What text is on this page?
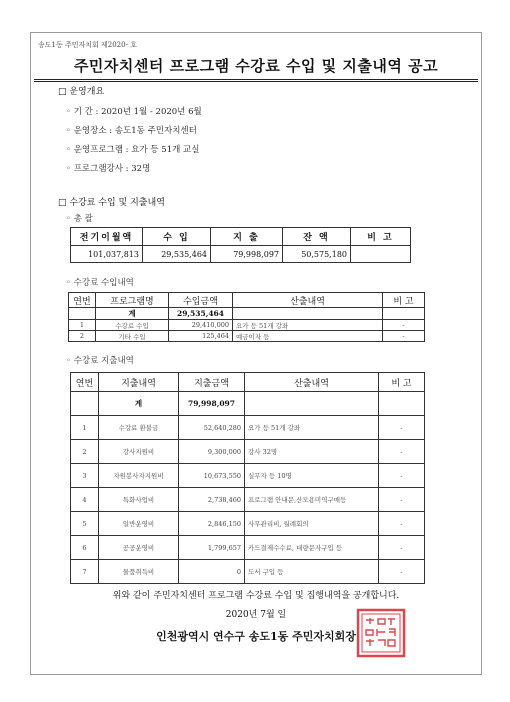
송도1동 주민자치회 제2020- 호
주민자치센터 프로그램 수강료 수입 및 지출내역 공고
□ 운영개요
◦ 기 간 : 2020년 1월 - 2020년 6월
◦ 운영장소 : 송도1동 주민자치센터
◦ 운영프로그램 : 요가 등 51개 교실
◦ 프로그램강사 : 32명
□ 수강료 수입 및 지출내역
◦ 총 괄
전기이월액	수 입	지 출	잔 액	비 고
101,037,813	29,535,464	79,998,097	50,575,180	
◦ 수강료 수입내역
연번	프로그램명	수입금액	산출내역	비 고
	계	29,535,464		
1	수강료 수입	29,410,000	요가 등 51개 강좌	-
2	기타 수입	125,464	예금이자 등	-
◦ 수강료 지출내역
연번	지출내역	지출금액	산출내역	비 고
	계	79,998,097		
1	수강료 환불금	52,640,280	요가 등 51개 강좌	-
2	강사지원비	9,300,000	강사 32명	-
3	자원봉사자지원비	10,673,550	실무자 등 10명	-
4	특화사업비	2,738,460	프로그램 안내문,산모용미역구매등	-
5	일반운영비	2,846,150	사무관리비, 월례회의	-
6	공공운영비	1,799,657	카드결제수수료, 대량문자구입 등	-
7	물품취득비	0	도서 구입 등	-
위와 같이 주민자치센터 프로그램 수강료 수입 및 집행내역을 공개합니다.
2020년 7월 일
인천광역시 연수구 송도1동 주민자치회장
